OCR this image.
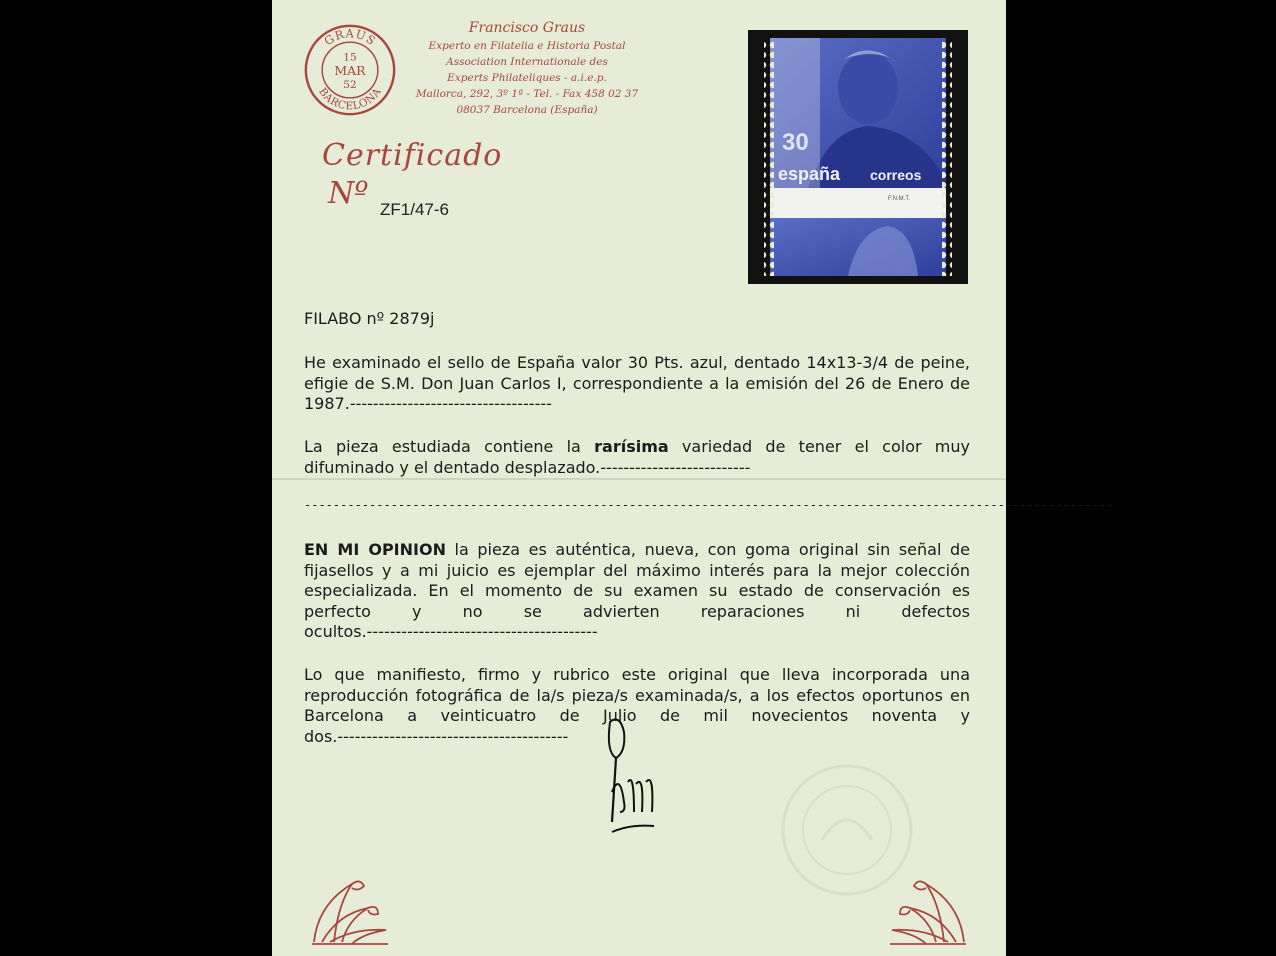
GRAUS
BARCELONA
15
MAR
52
Francisco Graus
Experto en Filatelia e Historia Postal
Association Internationale des
Experts Philateliques - a.i.e.p.
Mallorca, 292, 3º 1ª - Tel. - Fax 458 02 37
08037 Barcelona (España)
Certificado
Nº ZF1/47-6
30
españa correos
F.N.M.T.

FILABO nº 2879j

He examinado el sello de España valor 30 Pts. azul, dentado 14x13-3/4 de peine, efigie de S.M. Don Juan Carlos I, correspondiente a la emisión del 26 de Enero de 1987.-----------------------------------

La pieza estudiada contiene la rarísima variedad de tener el color muy difuminado y el dentado desplazado.--------------------------

----------------------------------------------------------------------------------------------------------------

EN MI OPINION la pieza es auténtica, nueva, con goma original sin señal de fijasellos y a mi juicio es ejemplar del máximo interés para la mejor colección especializada. En el momento de su examen su estado de conservación es perfecto y no se advierten reparaciones ni defectos ocultos.----------------------------------------

Lo que manifiesto, firmo y rubrico este original que lleva incorporada una reproducción fotográfica de la/s pieza/s examinada/s, a los efectos oportunos en Barcelona a veinticuatro de Julio de mil novecientos noventa y dos.----------------------------------------
